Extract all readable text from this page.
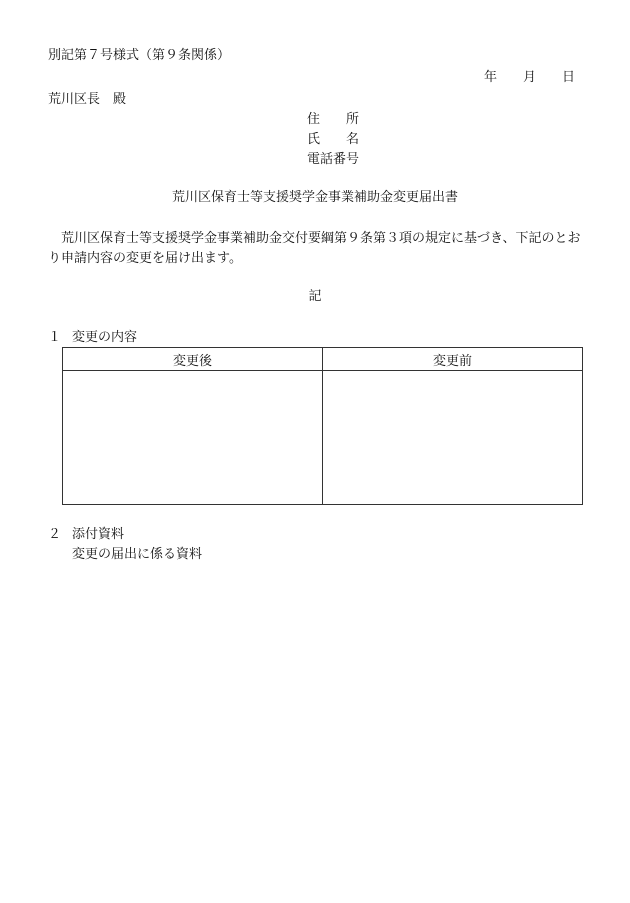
別記第７号様式（第９条関係）
年 月 日
荒川区長　殿
住　　所
氏　　名
電話番号
荒川区保育士等支援奨学金事業補助金変更届出書
荒川区保育士等支援奨学金事業補助金交付要綱第９条第３項の規定に基づき、下記のとおり申請内容の変更を届け出ます。
記
１ 変更の内容
変更後	変更前

２ 添付資料
変更の届出に係る資料
